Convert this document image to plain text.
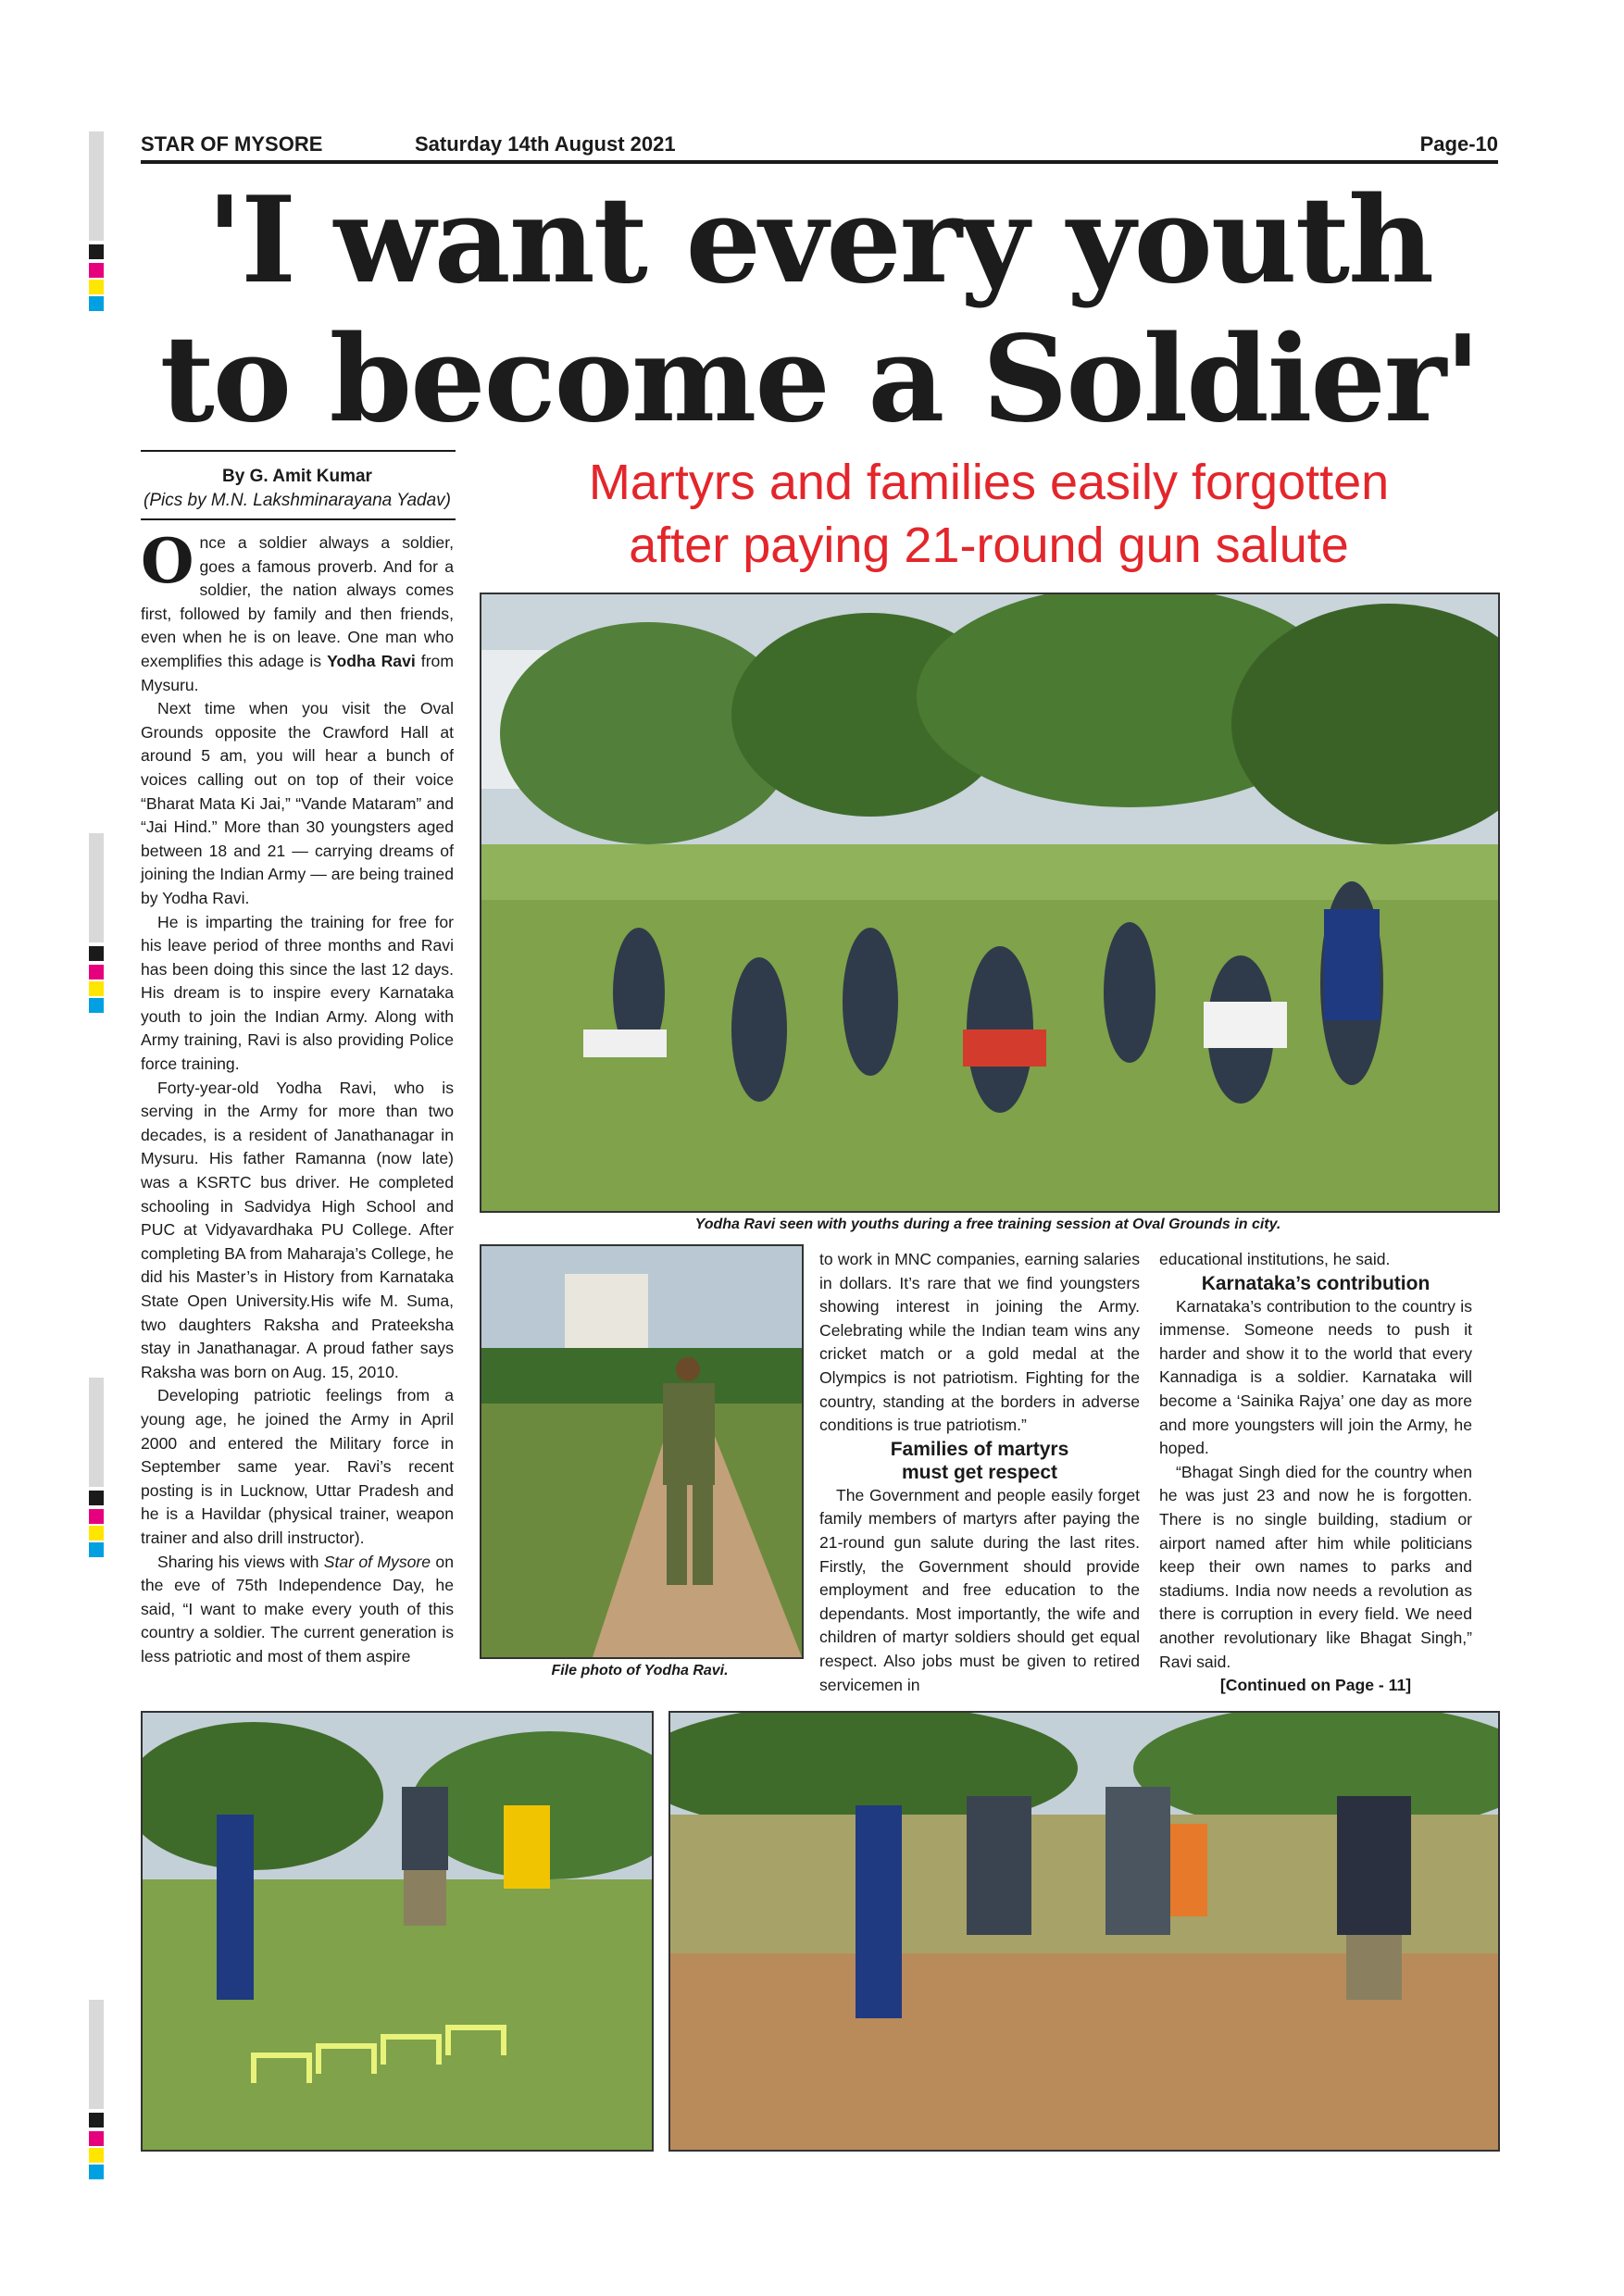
STAR OF MYSORE	Saturday 14th August 2021	Page-10
'I want every youth
to become a Soldier'
By G. Amit Kumar
(Pics by M.N. Lakshminarayana Yadav)	Martyrs and families easily forgotten
after paying 21-round gun salute
Yodha Ravi seen with youths during a free training session at Oval Grounds in city.
File photo of Yodha Ravi.

Once a soldier always a soldier, goes a famous proverb. And for a soldier, the nation always comes first, followed by family and then friends, even when he is on leave. One man who exemplifies this adage is Yodha Ravi from Mysuru.

Next time when you visit the Oval Grounds opposite the Crawford Hall at around 5 am, you will hear a bunch of voices calling out on top of their voice “Bharat Mata Ki Jai,” “Vande Mataram” and “Jai Hind.” More than 30 youngsters aged between 18 and 21 — carrying dreams of joining the Indian Army — are being trained by Yodha Ravi.

He is imparting the training for free for his leave period of three months and Ravi has been doing this since the last 12 days. His dream is to inspire every Karnataka youth to join the Indian Army. Along with Army training, Ravi is also providing Police force training.

Forty-year-old Yodha Ravi, who is serving in the Army for more than two decades, is a resident of Janathanagar in Mysuru. His father Ramanna (now late) was a KSRTC bus driver. He completed schooling in Sadvidya High School and PUC at Vidyavardhaka PU College. After completing BA from Maharaja’s College, he did his Master’s in History from Karnataka State Open University.His wife M. Suma, two daughters Raksha and Prateeksha stay in Janathanagar. A proud father says Raksha was born on Aug. 15, 2010.

Developing patriotic feelings from a young age, he joined the Army in April 2000 and entered the Military force in September same year. Ravi’s recent posting is in Lucknow, Uttar Pradesh and he is a Havildar (physical trainer, weapon trainer and also drill instructor).

Sharing his views with Star of Mysore on the eve of 75th Independence Day, he said, “I want to make every youth of this country a soldier. The current generation is less patriotic and most of them aspire

to work in MNC companies, earning salaries in dollars. It’s rare that we find youngsters showing interest in joining the Army. Celebrating while the Indian team wins any cricket match or a gold medal at the Olympics is not patriotism. Fighting for the country, standing at the borders in adverse conditions is true patriotism.”

Families of martyrs
must get respect

The Government and people easily forget family members of martyrs after paying the 21-round gun salute during the last rites. Firstly, the Government should provide employment and free education to the dependants. Most importantly, the wife and children of martyr soldiers should get equal respect. Also jobs must be given to retired servicemen in

educational institutions, he said.

Karnataka’s contribution

Karnataka’s contribution to the country is immense. Someone needs to push it harder and show it to the world that every Kannadiga is a soldier. Karnataka will become a ‘Sainika Rajya’ one day as more and more youngsters will join the Army, he hoped.

“Bhagat Singh died for the country when he was just 23 and now he is forgotten. There is no single building, stadium or airport named after him while politicians keep their own names to parks and stadiums. India now needs a revolution as there is corruption in every field. We need another revolutionary like Bhagat Singh,” Ravi said.

[Continued on Page - 11]
